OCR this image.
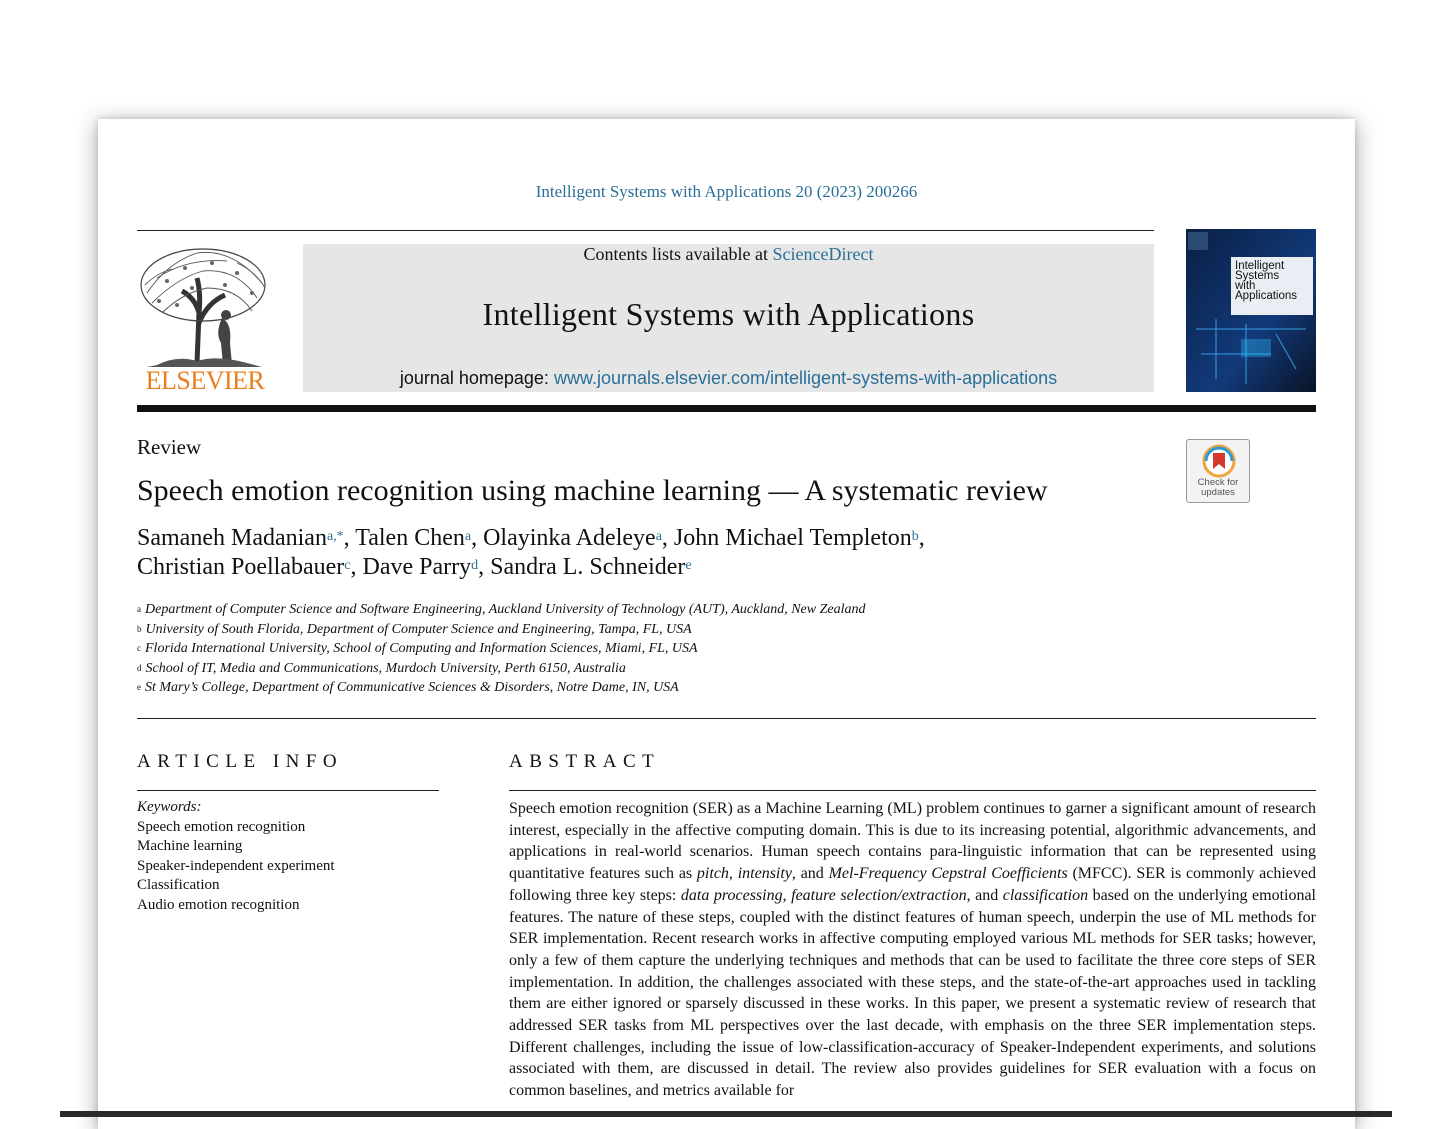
Intelligent Systems with Applications 20 (2023) 200266
ELSEVIER
Contents lists available at ScienceDirect
Intelligent Systems with Applications
journal homepage: www.journals.elsevier.com/intelligent-systems-with-applications
Intelligent
Systems
with
Applications
Review
Check for
updates
Speech emotion recognition using machine learning — A systematic review
Samaneh Madanian$^{a,*}$, Talen Chen$^a$, Olayinka Adeleye$^a$, John Michael Templeton$^b$,
Christian Poellabauer$^c$, Dave Parry$^d$, Sandra L. Schneider$^e$
$^a$ Department of Computer Science and Software Engineering, Auckland University of Technology (AUT), Auckland, New Zealand
$^b$ University of South Florida, Department of Computer Science and Engineering, Tampa, FL, USA
$^c$ Florida International University, School of Computing and Information Sciences, Miami, FL, USA
$^d$ School of IT, Media and Communications, Murdoch University, Perth 6150, Australia
$^e$ St Mary’s College, Department of Communicative Sciences & Disorders, Notre Dame, IN, USA
ARTICLE INFO	ABSTRACT
Keywords:
Speech emotion recognition
Machine learning
Speaker-independent experiment
Classification
Audio emotion recognition
Speech emotion recognition (SER) as a Machine Learning (ML) problem continues to garner a significant amount of research interest, especially in the affective computing domain. This is due to its increasing potential, algorithmic advancements, and applications in real-world scenarios. Human speech contains para-linguistic information that can be represented using quantitative features such as pitch, intensity, and Mel-Frequency Cepstral Coefficients (MFCC). SER is commonly achieved following three key steps: data processing, feature selection/extraction, and classification based on the underlying emotional features. The nature of these steps, coupled with the distinct features of human speech, underpin the use of ML methods for SER implementation. Recent research works in affective computing employed various ML methods for SER tasks; however, only a few of them capture the underlying techniques and methods that can be used to facilitate the three core steps of SER implementation. In addition, the challenges associated with these steps, and the state-of-the-art approaches used in tackling them are either ignored or sparsely discussed in these works. In this paper, we present a systematic review of research that addressed SER tasks from ML perspectives over the last decade, with emphasis on the three SER implementation steps. Different challenges, including the issue of low-classification-accuracy of Speaker-Independent experiments, and solutions associated with them, are discussed in detail. The review also provides guidelines for SER evaluation with a focus on common baselines, and metrics available for
